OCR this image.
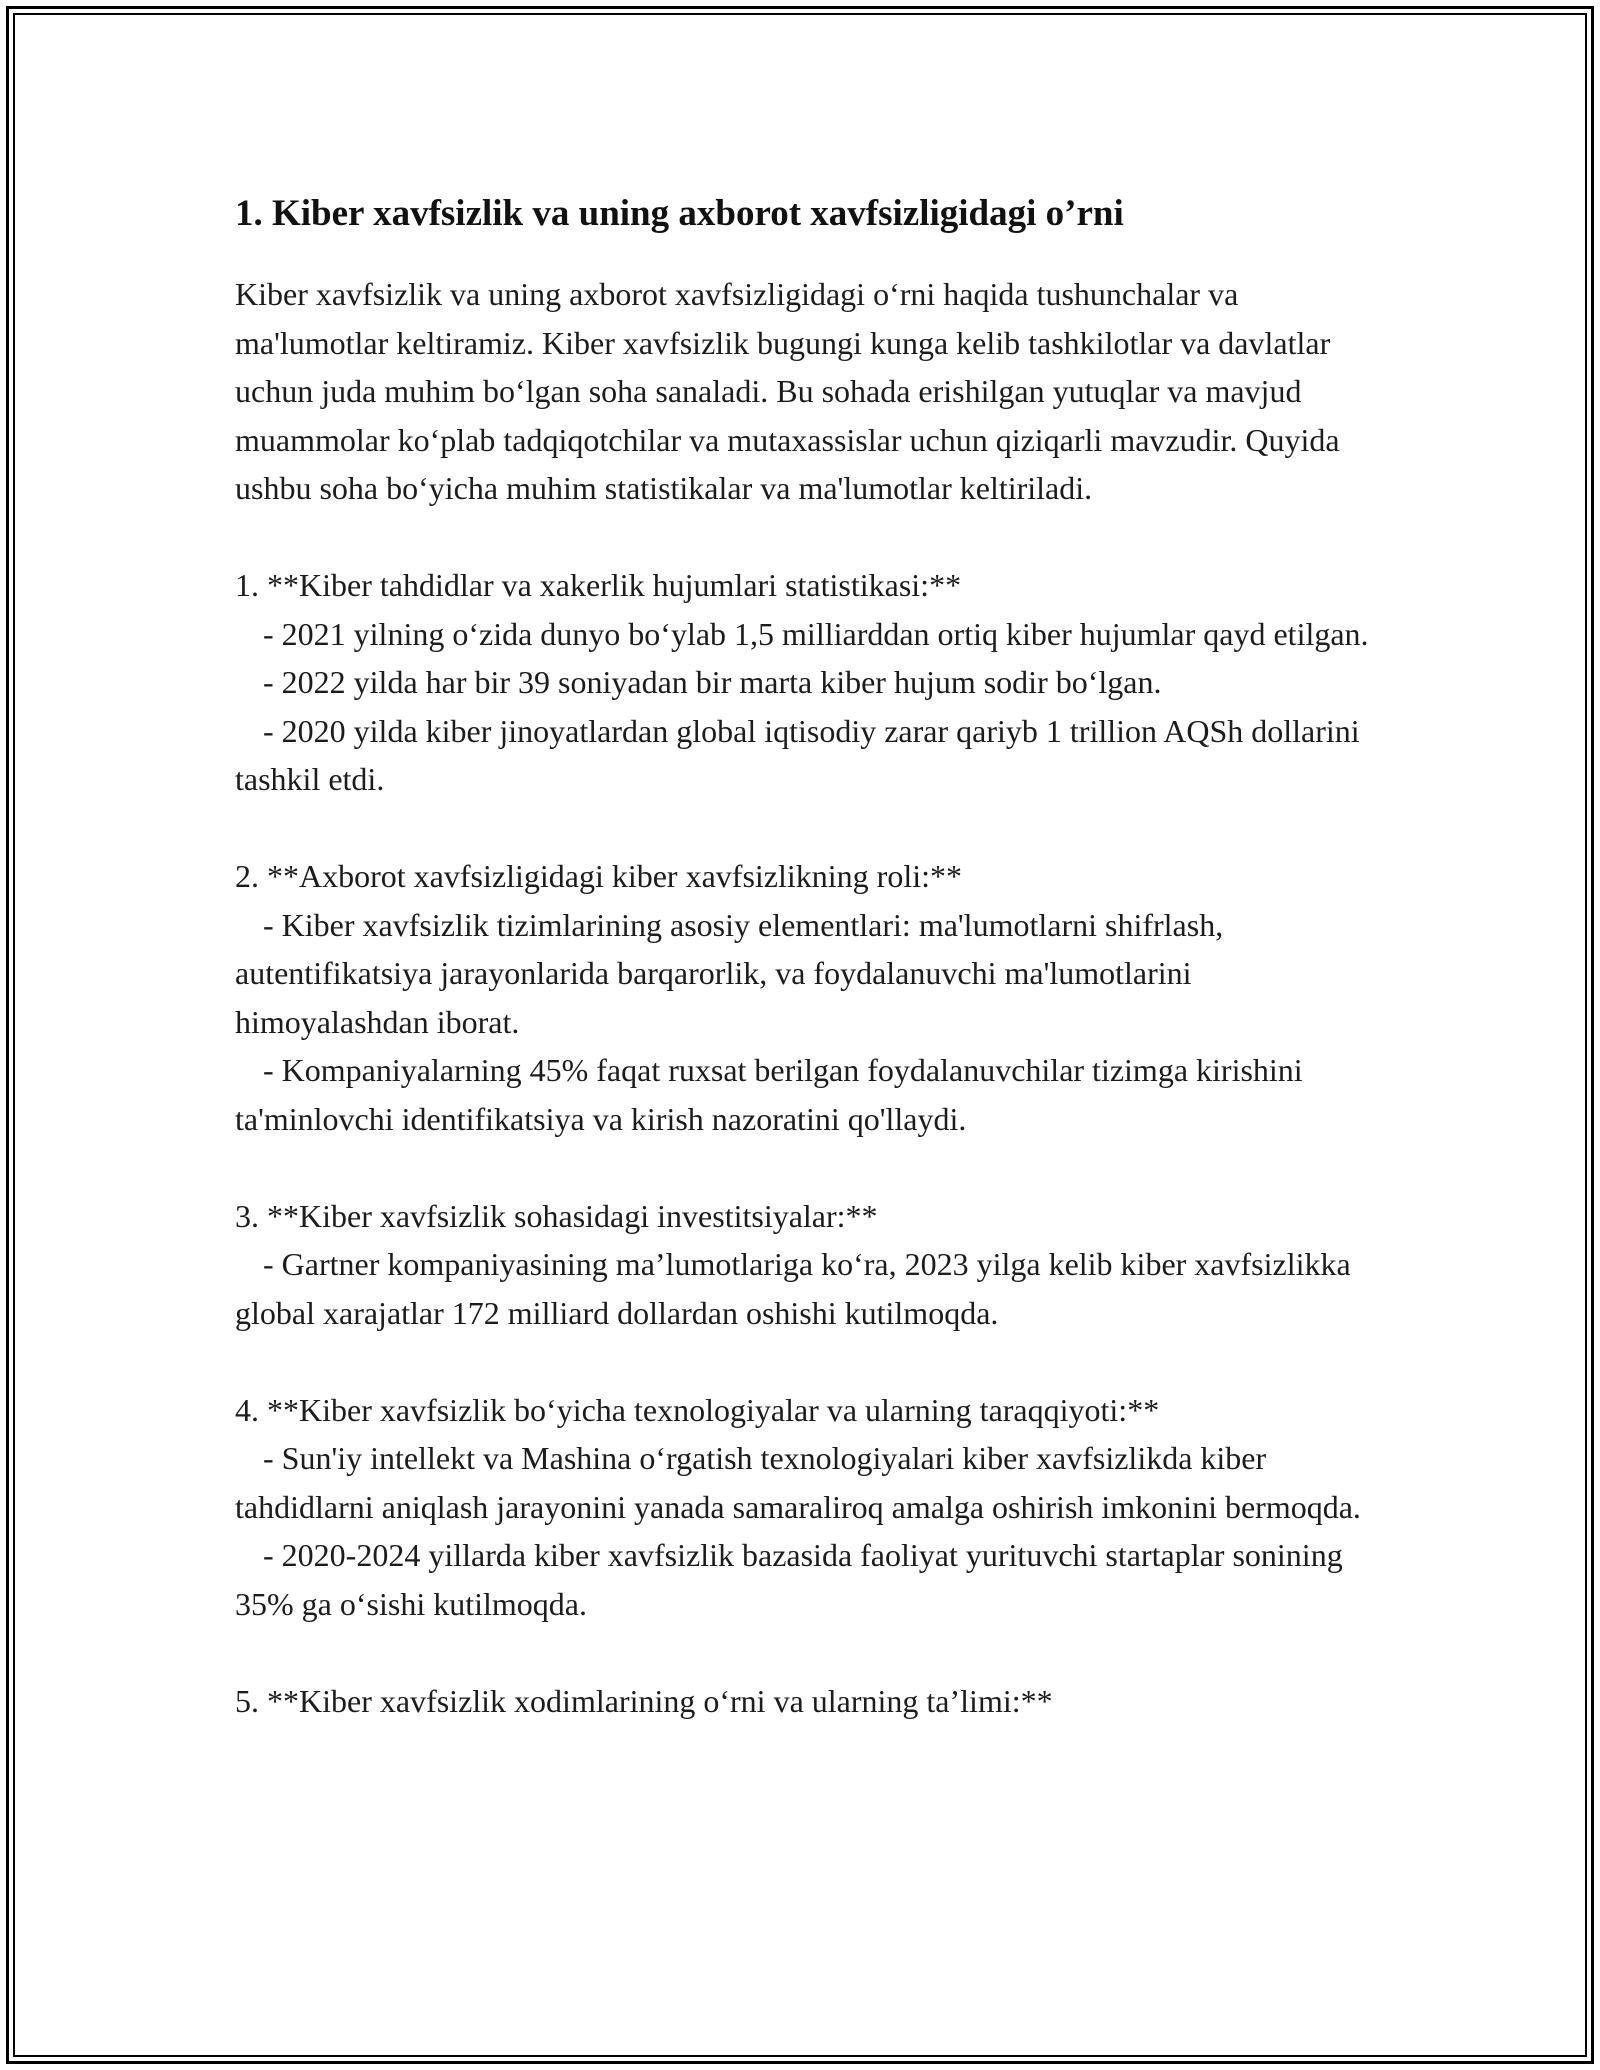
1. Kiber xavfsizlik va uning axborot xavfsizligidagi o’rni

Kiber xavfsizlik va uning axborot xavfsizligidagi o‘rni haqida tushunchalar va ma'lumotlar keltiramiz. Kiber xavfsizlik bugungi kunga kelib tashkilotlar va davlatlar uchun juda muhim bo‘lgan soha sanaladi. Bu sohada erishilgan yutuqlar va mavjud muammolar ko‘plab tadqiqotchilar va mutaxassislar uchun qiziqarli mavzudir. Quyida ushbu soha bo‘yicha muhim statistikalar va ma'lumotlar keltiriladi.

1. **Kiber tahdidlar va xakerlik hujumlari statistikasi:**
- 2021 yilning o‘zida dunyo bo‘ylab 1,5 milliarddan ortiq kiber hujumlar qayd etilgan.
- 2022 yilda har bir 39 soniyadan bir marta kiber hujum sodir bo‘lgan.
- 2020 yilda kiber jinoyatlardan global iqtisodiy zarar qariyb 1 trillion AQSh dollarini tashkil etdi.
2. **Axborot xavfsizligidagi kiber xavfsizlikning roli:**
- Kiber xavfsizlik tizimlarining asosiy elementlari: ma'lumotlarni shifrlash, autentifikatsiya jarayonlarida barqarorlik, va foydalanuvchi ma'lumotlarini himoyalashdan iborat.
- Kompaniyalarning 45% faqat ruxsat berilgan foydalanuvchilar tizimga kirishini ta'minlovchi identifikatsiya va kirish nazoratini qo'llaydi.
3. **Kiber xavfsizlik sohasidagi investitsiyalar:**
- Gartner kompaniyasining ma’lumotlariga ko‘ra, 2023 yilga kelib kiber xavfsizlikka global xarajatlar 172 milliard dollardan oshishi kutilmoqda.
4. **Kiber xavfsizlik bo‘yicha texnologiyalar va ularning taraqqiyoti:**
- Sun'iy intellekt va Mashina o‘rgatish texnologiyalari kiber xavfsizlikda kiber tahdidlarni aniqlash jarayonini yanada samaraliroq amalga oshirish imkonini bermoqda.
- 2020-2024 yillarda kiber xavfsizlik bazasida faoliyat yurituvchi startaplar sonining 35% ga o‘sishi kutilmoqda.
5. **Kiber xavfsizlik xodimlarining o‘rni va ularning ta’limi:**
